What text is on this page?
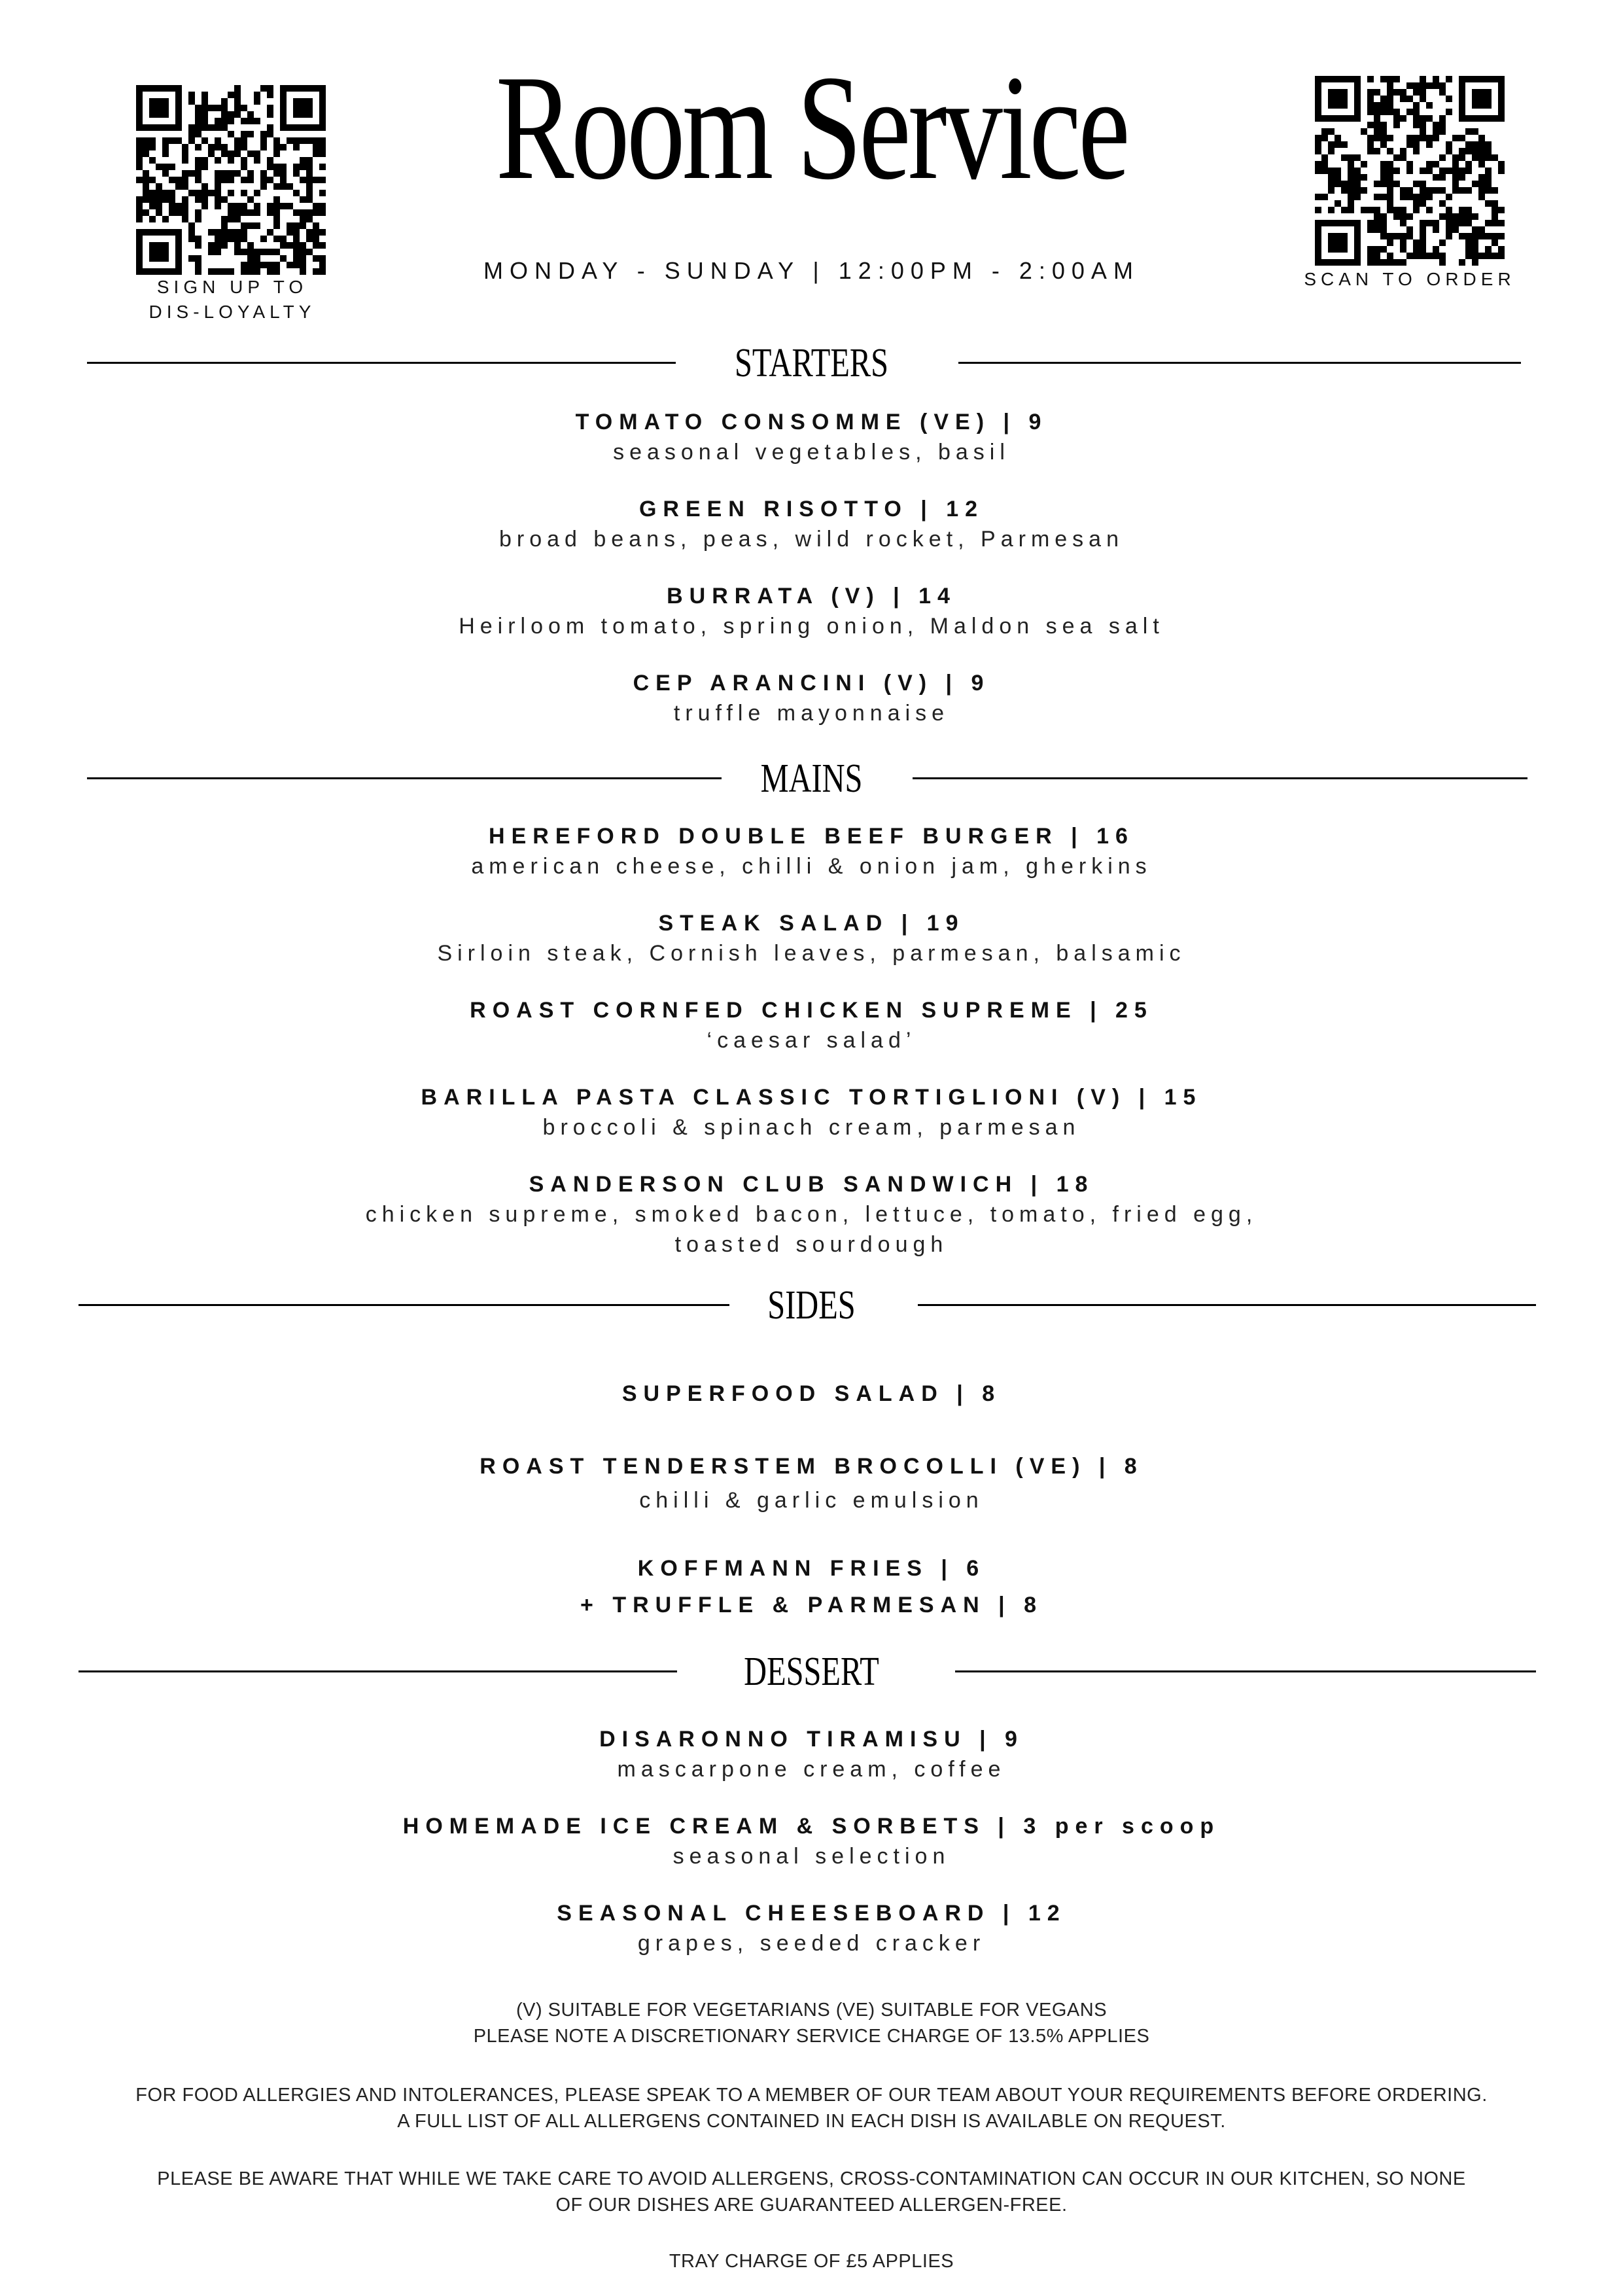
Room Service
MONDAY - SUNDAY | 12:00PM - 2:00AM
SIGN UP TO
DIS-LOYALTY
SCAN TO ORDER
STARTERS
TOMATO CONSOMME (VE) | 9
seasonal vegetables, basil
GREEN RISOTTO | 12
broad beans, peas, wild rocket, Parmesan
BURRATA (V) | 14
Heirloom tomato, spring onion, Maldon sea salt
CEP ARANCINI (V) | 9
truffle mayonnaise
MAINS
HEREFORD DOUBLE BEEF BURGER | 16
american cheese, chilli & onion jam, gherkins
STEAK SALAD | 19
Sirloin steak, Cornish leaves, parmesan, balsamic
ROAST CORNFED CHICKEN SUPREME | 25
‘caesar salad’
BARILLA PASTA CLASSIC TORTIGLIONI (V) | 15
broccoli & spinach cream, parmesan
SANDERSON CLUB SANDWICH | 18
chicken supreme, smoked bacon, lettuce, tomato, fried egg,
toasted sourdough
SIDES
SUPERFOOD SALAD | 8
ROAST TENDERSTEM BROCOLLI (VE) | 8
chilli & garlic emulsion
KOFFMANN FRIES | 6
+ TRUFFLE & PARMESAN | 8
DESSERT
DISARONNO TIRAMISU | 9
mascarpone cream, coffee
HOMEMADE ICE CREAM & SORBETS | 3 per scoop
seasonal selection
SEASONAL CHEESEBOARD | 12
grapes, seeded cracker
(V) SUITABLE FOR VEGETARIANS (VE) SUITABLE FOR VEGANS
PLEASE NOTE A DISCRETIONARY SERVICE CHARGE OF 13.5% APPLIES
FOR FOOD ALLERGIES AND INTOLERANCES, PLEASE SPEAK TO A MEMBER OF OUR TEAM ABOUT YOUR REQUIREMENTS BEFORE ORDERING.
A FULL LIST OF ALL ALLERGENS CONTAINED IN EACH DISH IS AVAILABLE ON REQUEST.
PLEASE BE AWARE THAT WHILE WE TAKE CARE TO AVOID ALLERGENS, CROSS-CONTAMINATION CAN OCCUR IN OUR KITCHEN, SO NONE
OF OUR DISHES ARE GUARANTEED ALLERGEN-FREE.
TRAY CHARGE OF £5 APPLIES
